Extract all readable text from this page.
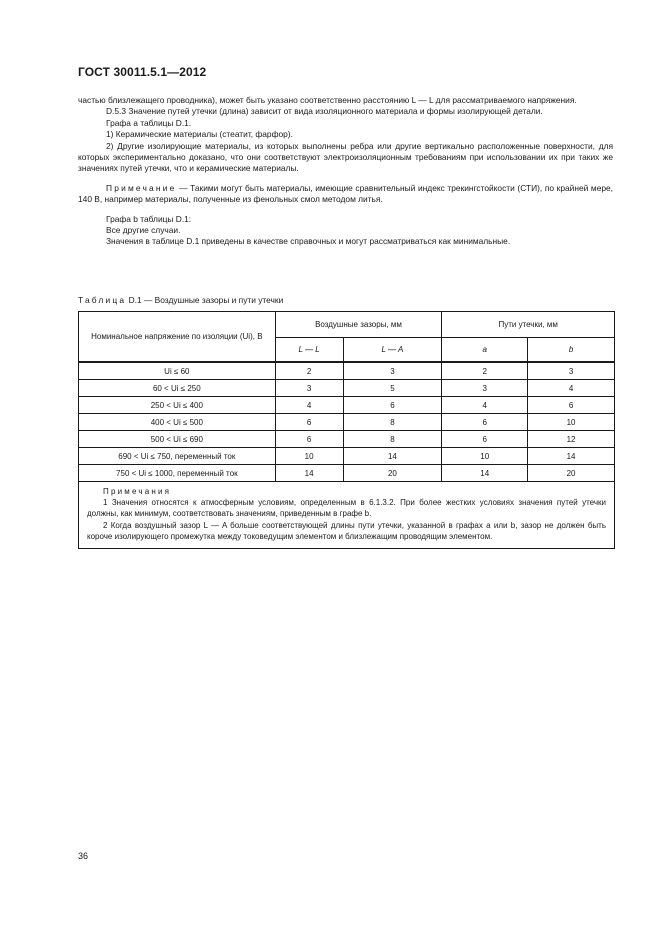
ГОСТ 30011.5.1—2012

частью близлежащего проводника), может быть указано соответственно расстоянию L — L для рассматриваемого напряжения.

D.5.3 Значение путей утечки (длина) зависит от вида изоляционного материала и формы изолирующей детали.

Графа а таблицы D.1.

1) Керамические материалы (стеатит, фарфор).

2) Другие изолирующие материалы, из которых выполнены ребра или другие вертикально расположенные поверхности, для которых экспериментально доказано, что они соответствуют электроизоляционным требованиям при использовании их при таких же значениях путей утечки, что и керамические материалы.

Примечание — Такими могут быть материалы, имеющие сравнительный индекс трекингстойкости (СТИ), по крайней мере, 140 В, например материалы, полученные из фенольных смол методом литья.

Графа b таблицы D.1:

Все другие случаи.

Значения в таблице D.1 приведены в качестве справочных и могут рассматриваться как минимальные.

Таблица D.1 — Воздушные зазоры и пути утечки
Номинальное напряжение по изоляции (Ui), В	Воздушные зазоры, мм		Пути утечки, мм	
	L — L	L — A	a	b
Ui ≤ 60	2	3	2	3
60 < Ui ≤ 250	3	5	3	4
250 < Ui ≤ 400	4	6	4	6
400 < Ui ≤ 500	6	8	6	10
500 < Ui ≤ 690	6	8	6	12
690 < Ui ≤ 750, переменный ток	10	14	10	14
750 < Ui ≤ 1000, переменный ток	14	20	14	20

Примечания

1 Значения относятся к атмосферным условиям, определенным в 6.1.3.2. При более жестких условиях значения путей утечки должны, как минимум, соответствовать значениям, приведенным в графе b.

2 Когда воздушный зазор L — A больше соответствующей длины пути утечки, указанной в графах a или b, зазор не должен быть короче изолирующего промежутка между токоведущим элементом и близлежащим проводящим элементом.				

36
